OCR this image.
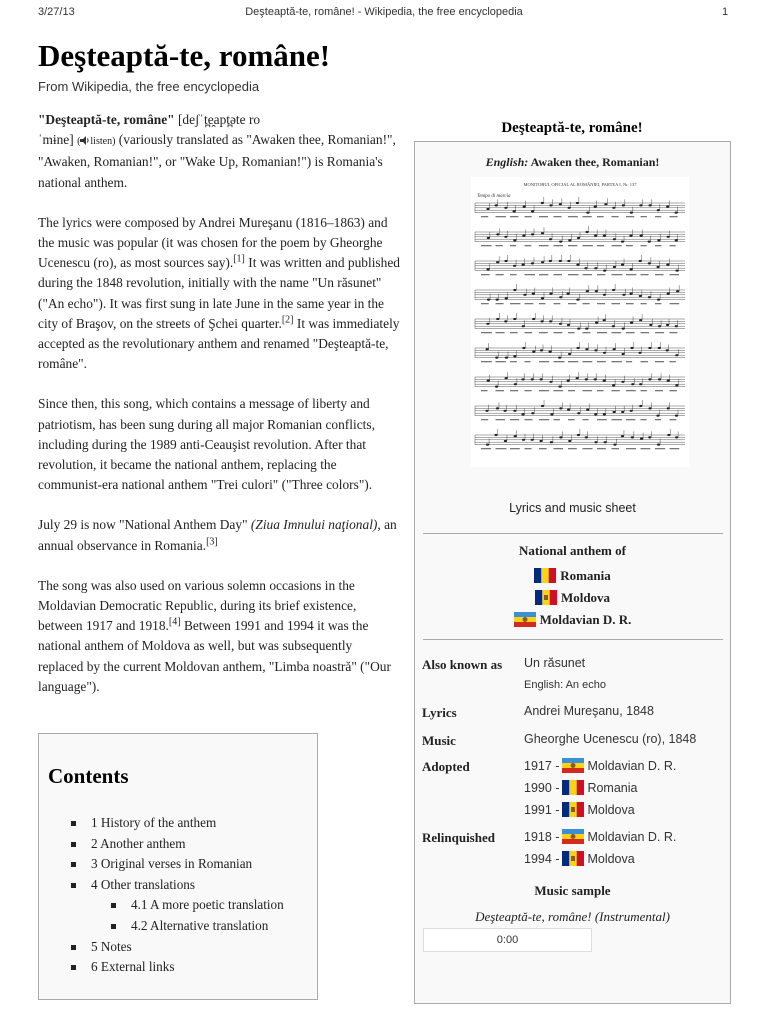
3/27/13	Deşteaptă-te, române! - Wikipedia, the free encyclopedia	1
Deşteaptă-te, române!
From Wikipedia, the free encyclopedia

"Deşteaptă-te, române" [deʃˈt̪e̯apt̪əte ro
ˈmɨne] ( listen) (variously translated as "Awaken thee, Romanian!", "Awaken, Romanian!", or "Wake Up, Romanian!") is Romania's national anthem.

The lyrics were composed by Andrei Mureşanu (1816–1863) and the music was popular (it was chosen for the poem by Gheorghe Ucenescu (ro), as most sources say).[1] It was written and published during the 1848 revolution, initially with the name "Un răsunet" ("An echo"). It was first sung in late June in the same year in the city of Braşov, on the streets of Şchei quarter.[2] It was immediately accepted as the revolutionary anthem and renamed "Deşteaptă-te, române".

Since then, this song, which contains a message of liberty and patriotism, has been sung during all major Romanian conflicts, including during the 1989 anti-Ceauşist revolution. After that revolution, it became the national anthem, replacing the communist-era national anthem "Trei culori" ("Three colors").

July 29 is now "National Anthem Day" (Ziua Imnului naţional), an annual observance in Romania.[3]

The song was also used on various solemn occasions in the Moldavian Democratic Republic, during its brief existence, between 1917 and 1918.[4] Between 1991 and 1994 it was the national anthem of Moldova as well, but was subsequently replaced by the current Moldovan anthem, "Limba noastră" ("Our language").

Contents
1 History of the anthem
2 Another anthem
3 Original verses in Romanian
4 Other translations
4.1 A more poetic translation
4.2 Alternative translation
5 Notes
6 External links
Deşteaptă-te, române!
English: Awaken thee, Romanian!
MONITORUL OFICIAL AL ROMÂNIEI, PARTEA I, Nr. 137
Tempo di marcia
Lyrics and music sheet
National anthem of
Romania
Moldova
Moldavian D. R.
Also known as Un răsunet
English: An echo
Lyrics	Andrei Mureşanu, 1848
Music	Gheorghe Ucenescu (ro), 1848
Adopted	1917 - Moldavian D. R.
1990 - Romania
1991 - Moldova
Relinquished 1918 - Moldavian D. R.
1994 - Moldova
Music sample
Deşteaptă-te, române! (Instrumental)
0:00
